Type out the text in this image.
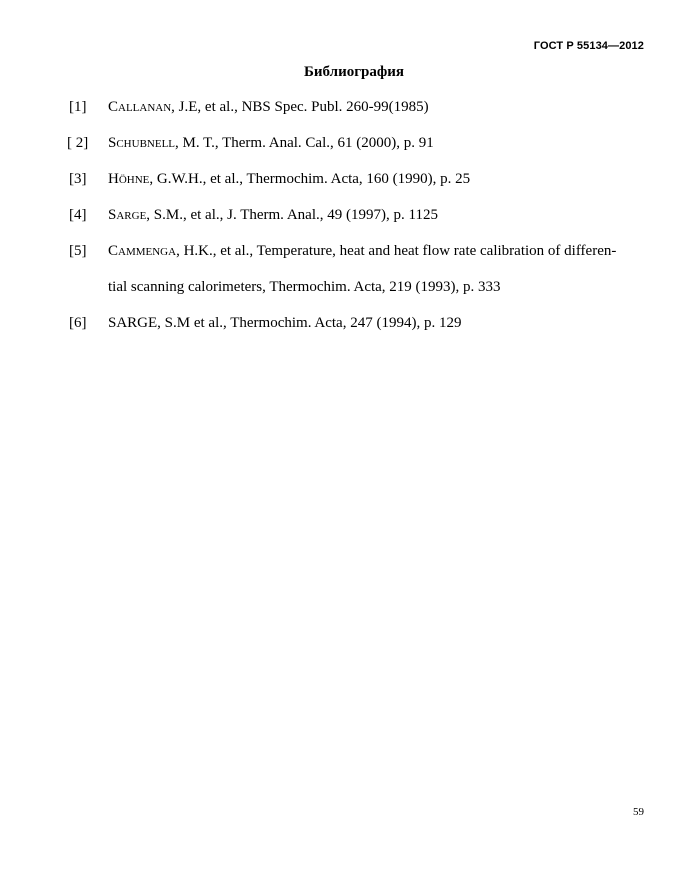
ГОСТ Р 55134—2012
Библиография
[1] Callanan, J.E, et al., NBS Spec. Publ. 260-99(1985)
[ 2] Schubnell, M. T., Therm. Anal. Cal., 61 (2000), p. 91
[3] Höhne, G.W.H., et al., Thermochim. Acta, 160 (1990), p. 25
[4] Sarge, S.M., et al., J. Therm. Anal., 49 (1997), p. 1125
[5] Cammenga, H.K., et al., Temperature, heat and heat flow rate calibration of differen-
tial scanning calorimeters, Thermochim. Acta, 219 (1993), p. 333
[6] SARGE, S.M et al., Thermochim. Acta, 247 (1994), p. 129
59
